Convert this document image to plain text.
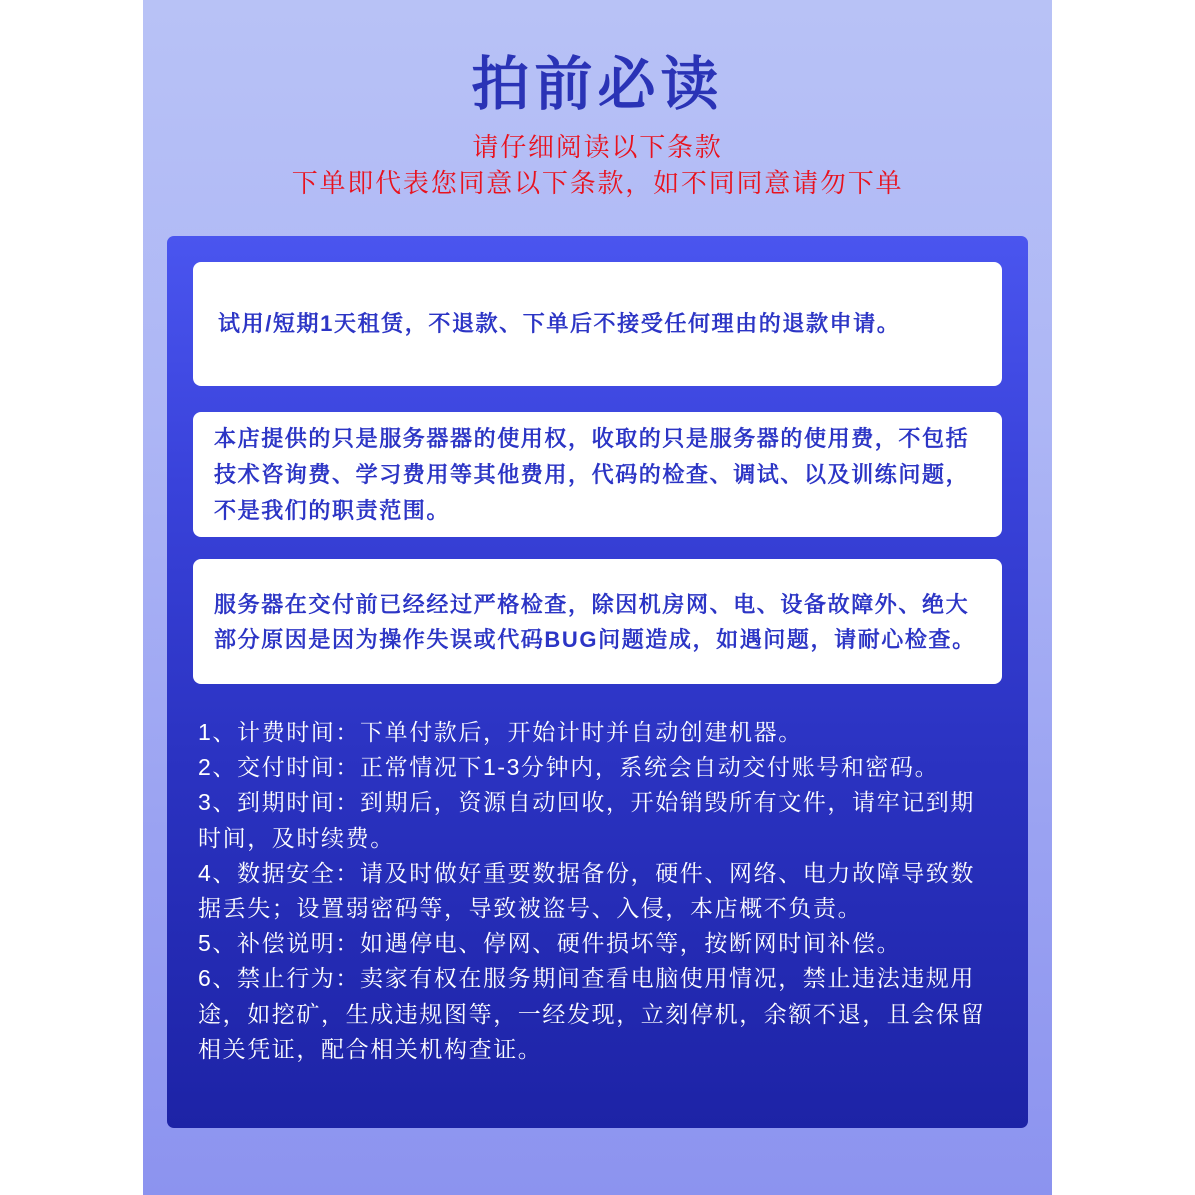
拍前必读
请仔细阅读以下条款
下单即代表您同意以下条款，如不同同意请勿下单
试用/短期1天租赁，不退款、下单后不接受任何理由的退款申请。
本店提供的只是服务器器的使用权，收取的只是服务器的使用费，不包括
技术咨询费、学习费用等其他费用，代码的检查、调试、以及训练问题，
不是我们的职责范围。
服务器在交付前已经经过严格检查，除因机房网、电、设备故障外、绝大
部分原因是因为操作失误或代码BUG问题造成，如遇问题，请耐心检查。
1、计费时间：下单付款后，开始计时并自动创建机器。
2、交付时间：正常情况下1-3分钟内，系统会自动交付账号和密码。
3、到期时间：到期后，资源自动回收，开始销毁所有文件，请牢记到期
时间，及时续费。
4、数据安全：请及时做好重要数据备份，硬件、网络、电力故障导致数
据丢失；设置弱密码等，导致被盗号、入侵，本店概不负责。
5、补偿说明：如遇停电、停网、硬件损坏等，按断网时间补偿。
6、禁止行为：卖家有权在服务期间查看电脑使用情况，禁止违法违规用
途，如挖矿，生成违规图等，一经发现，立刻停机，余额不退，且会保留
相关凭证，配合相关机构查证。
